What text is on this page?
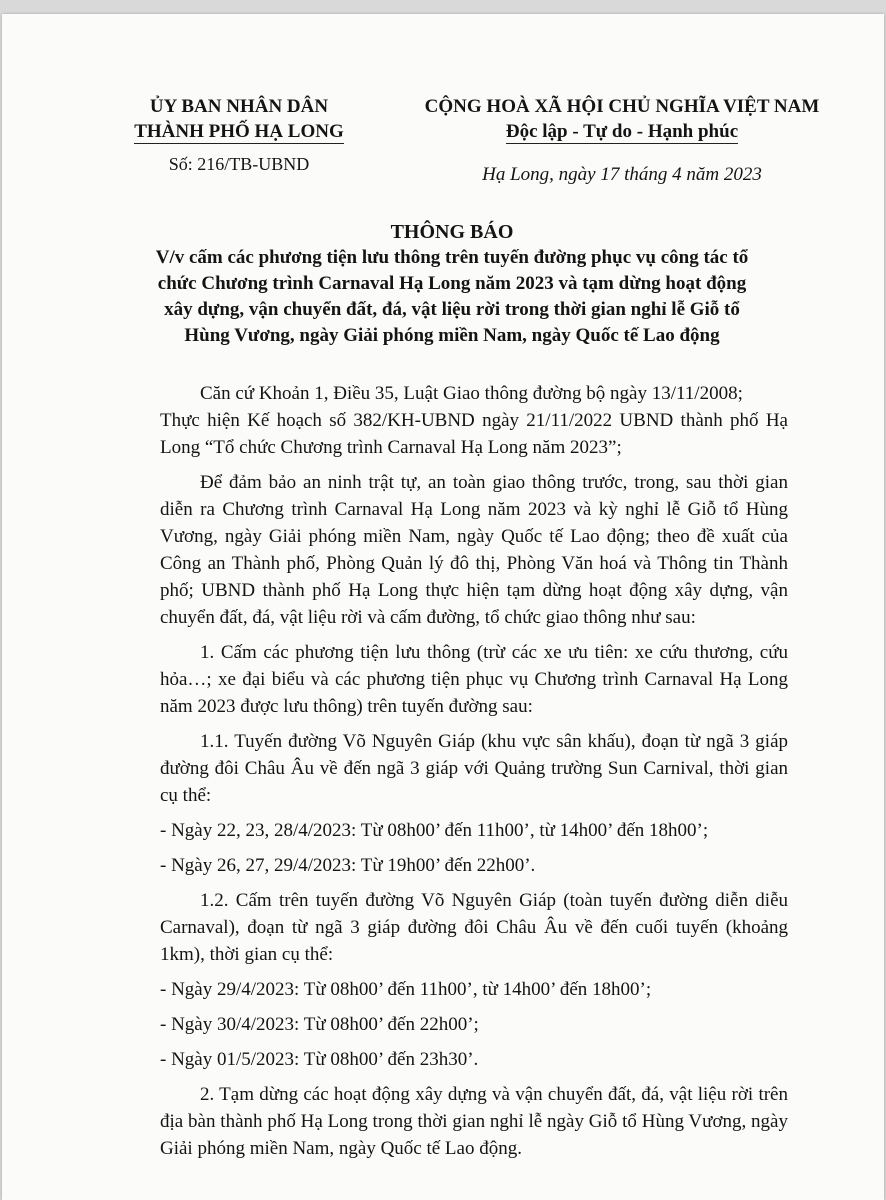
ỦY BAN NHÂN DÂN
THÀNH PHỐ HẠ LONG
Số: 216/TB-UBND
CỘNG HOÀ XÃ HỘI CHỦ NGHĨA VIỆT NAM
Độc lập - Tự do - Hạnh phúc
Hạ Long, ngày 17 tháng 4 năm 2023
THÔNG BÁO
V/v cấm các phương tiện lưu thông trên tuyến đường phục vụ công tác tổ
chức Chương trình Carnaval Hạ Long năm 2023 và tạm dừng hoạt động
xây dựng, vận chuyển đất, đá, vật liệu rời trong thời gian nghỉ lễ Giỗ tổ
Hùng Vương, ngày Giải phóng miền Nam, ngày Quốc tế Lao động

Căn cứ Khoản 1, Điều 35, Luật Giao thông đường bộ ngày 13/11/2008;

Thực hiện Kế hoạch số 382/KH-UBND ngày 21/11/2022 UBND thành phố Hạ Long “Tổ chức Chương trình Carnaval Hạ Long năm 2023”;

Để đảm bảo an ninh trật tự, an toàn giao thông trước, trong, sau thời gian diễn ra Chương trình Carnaval Hạ Long năm 2023 và kỳ nghỉ lễ Giỗ tổ Hùng Vương, ngày Giải phóng miền Nam, ngày Quốc tế Lao động; theo đề xuất của Công an Thành phố, Phòng Quản lý đô thị, Phòng Văn hoá và Thông tin Thành phố; UBND thành phố Hạ Long thực hiện tạm dừng hoạt động xây dựng, vận chuyển đất, đá, vật liệu rời và cấm đường, tổ chức giao thông như sau:

1. Cấm các phương tiện lưu thông (trừ các xe ưu tiên: xe cứu thương, cứu hỏa…; xe đại biểu và các phương tiện phục vụ Chương trình Carnaval Hạ Long năm 2023 được lưu thông) trên tuyến đường sau:

1.1. Tuyến đường Võ Nguyên Giáp (khu vực sân khấu), đoạn từ ngã 3 giáp đường đôi Châu Âu về đến ngã 3 giáp với Quảng trường Sun Carnival, thời gian cụ thể:

- Ngày 22, 23, 28/4/2023: Từ 08h00’ đến 11h00’, từ 14h00’ đến 18h00’;

- Ngày 26, 27, 29/4/2023: Từ 19h00’ đến 22h00’.

1.2. Cấm trên tuyến đường Võ Nguyên Giáp (toàn tuyến đường diễn diễu Carnaval), đoạn từ ngã 3 giáp đường đôi Châu Âu về đến cuối tuyến (khoảng 1km), thời gian cụ thể:

- Ngày 29/4/2023: Từ 08h00’ đến 11h00’, từ 14h00’ đến 18h00’;

- Ngày 30/4/2023: Từ 08h00’ đến 22h00’;

- Ngày 01/5/2023: Từ 08h00’ đến 23h30’.

2. Tạm dừng các hoạt động xây dựng và vận chuyển đất, đá, vật liệu rời trên địa bàn thành phố Hạ Long trong thời gian nghỉ lễ ngày Giỗ tổ Hùng Vương, ngày Giải phóng miền Nam, ngày Quốc tế Lao động.
